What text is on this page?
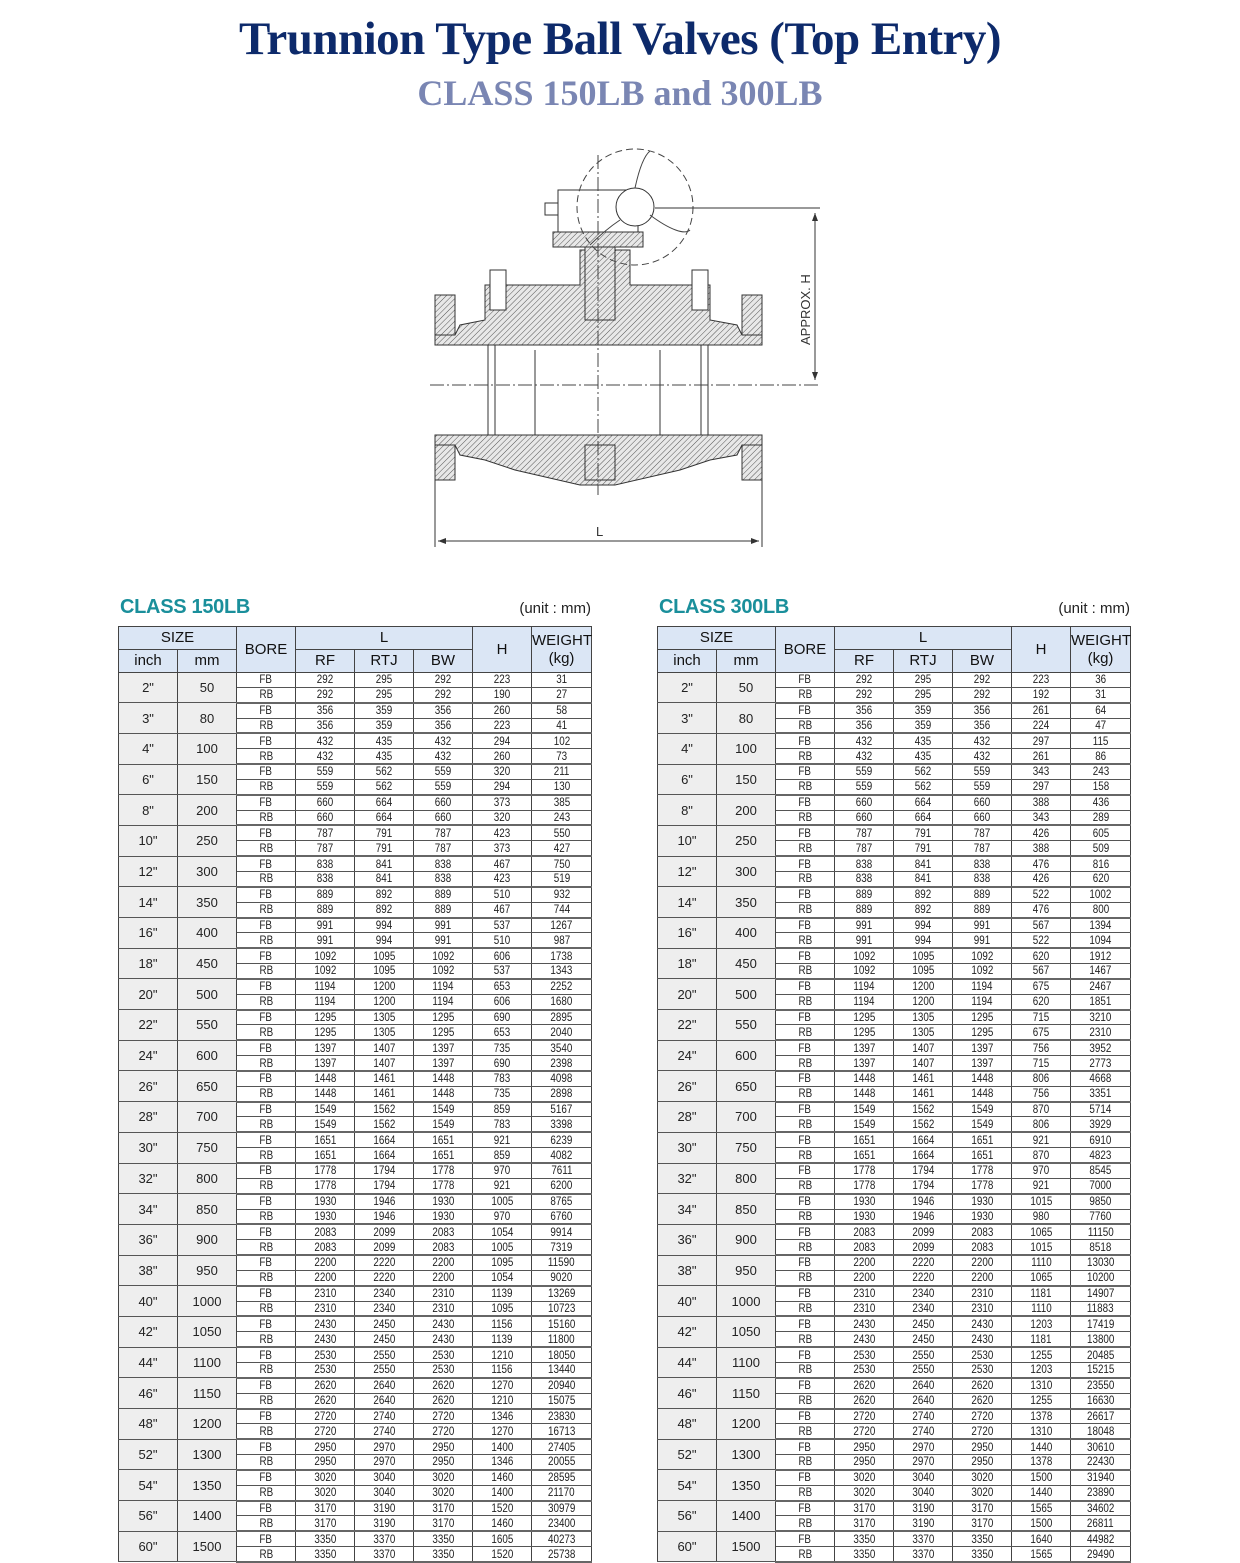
Trunnion Type Ball Valves (Top Entry)
CLASS 150LB and 300LB
APPROX. H
L
CLASS 150LB	(unit : mm)
SIZE		BORE	L			H	WEIGHT
(kg)
inch	mm		RF	RTJ	BW		
2"	50	FB	292	295	292	223	31
		RB	292	295	292	190	27
3"	80	FB	356	359	356	260	58
		RB	356	359	356	223	41
4"	100	FB	432	435	432	294	102
		RB	432	435	432	260	73
6"	150	FB	559	562	559	320	211
		RB	559	562	559	294	130
8"	200	FB	660	664	660	373	385
		RB	660	664	660	320	243
10"	250	FB	787	791	787	423	550
		RB	787	791	787	373	427
12"	300	FB	838	841	838	467	750
		RB	838	841	838	423	519
14"	350	FB	889	892	889	510	932
		RB	889	892	889	467	744
16"	400	FB	991	994	991	537	1267
		RB	991	994	991	510	987
18"	450	FB	1092	1095	1092	606	1738
		RB	1092	1095	1092	537	1343
20"	500	FB	1194	1200	1194	653	2252
		RB	1194	1200	1194	606	1680
22"	550	FB	1295	1305	1295	690	2895
		RB	1295	1305	1295	653	2040
24"	600	FB	1397	1407	1397	735	3540
		RB	1397	1407	1397	690	2398
26"	650	FB	1448	1461	1448	783	4098
		RB	1448	1461	1448	735	2898
28"	700	FB	1549	1562	1549	859	5167
		RB	1549	1562	1549	783	3398
30"	750	FB	1651	1664	1651	921	6239
		RB	1651	1664	1651	859	4082
32"	800	FB	1778	1794	1778	970	7611
		RB	1778	1794	1778	921	6200
34"	850	FB	1930	1946	1930	1005	8765
		RB	1930	1946	1930	970	6760
36"	900	FB	2083	2099	2083	1054	9914
		RB	2083	2099	2083	1005	7319
38"	950	FB	2200	2220	2200	1095	11590
		RB	2200	2220	2200	1054	9020
40"	1000	FB	2310	2340	2310	1139	13269
		RB	2310	2340	2310	1095	10723
42"	1050	FB	2430	2450	2430	1156	15160
		RB	2430	2450	2430	1139	11800
44"	1100	FB	2530	2550	2530	1210	18050
		RB	2530	2550	2530	1156	13440
46"	1150	FB	2620	2640	2620	1270	20940
		RB	2620	2640	2620	1210	15075
48"	1200	FB	2720	2740	2720	1346	23830
		RB	2720	2740	2720	1270	16713
52"	1300	FB	2950	2970	2950	1400	27405
		RB	2950	2970	2950	1346	20055
54"	1350	FB	3020	3040	3020	1460	28595
		RB	3020	3040	3020	1400	21170
56"	1400	FB	3170	3190	3170	1520	30979
		RB	3170	3190	3170	1460	23400
60"	1500	FB	3350	3370	3350	1605	40273
		RB	3350	3370	3350	1520	25738
CLASS 300LB	(unit : mm)
SIZE		BORE	L			H	WEIGHT
(kg)
inch	mm		RF	RTJ	BW		
2"	50	FB	292	295	292	223	36
		RB	292	295	292	192	31
3"	80	FB	356	359	356	261	64
		RB	356	359	356	224	47
4"	100	FB	432	435	432	297	115
		RB	432	435	432	261	86
6"	150	FB	559	562	559	343	243
		RB	559	562	559	297	158
8"	200	FB	660	664	660	388	436
		RB	660	664	660	343	289
10"	250	FB	787	791	787	426	605
		RB	787	791	787	388	509
12"	300	FB	838	841	838	476	816
		RB	838	841	838	426	620
14"	350	FB	889	892	889	522	1002
		RB	889	892	889	476	800
16"	400	FB	991	994	991	567	1394
		RB	991	994	991	522	1094
18"	450	FB	1092	1095	1092	620	1912
		RB	1092	1095	1092	567	1467
20"	500	FB	1194	1200	1194	675	2467
		RB	1194	1200	1194	620	1851
22"	550	FB	1295	1305	1295	715	3210
		RB	1295	1305	1295	675	2310
24"	600	FB	1397	1407	1397	756	3952
		RB	1397	1407	1397	715	2773
26"	650	FB	1448	1461	1448	806	4668
		RB	1448	1461	1448	756	3351
28"	700	FB	1549	1562	1549	870	5714
		RB	1549	1562	1549	806	3929
30"	750	FB	1651	1664	1651	921	6910
		RB	1651	1664	1651	870	4823
32"	800	FB	1778	1794	1778	970	8545
		RB	1778	1794	1778	921	7000
34"	850	FB	1930	1946	1930	1015	9850
		RB	1930	1946	1930	980	7760
36"	900	FB	2083	2099	2083	1065	11150
		RB	2083	2099	2083	1015	8518
38"	950	FB	2200	2220	2200	1110	13030
		RB	2200	2220	2200	1065	10200
40"	1000	FB	2310	2340	2310	1181	14907
		RB	2310	2340	2310	1110	11883
42"	1050	FB	2430	2450	2430	1203	17419
		RB	2430	2450	2430	1181	13800
44"	1100	FB	2530	2550	2530	1255	20485
		RB	2530	2550	2530	1203	15215
46"	1150	FB	2620	2640	2620	1310	23550
		RB	2620	2640	2620	1255	16630
48"	1200	FB	2720	2740	2720	1378	26617
		RB	2720	2740	2720	1310	18048
52"	1300	FB	2950	2970	2950	1440	30610
		RB	2950	2970	2950	1378	22430
54"	1350	FB	3020	3040	3020	1500	31940
		RB	3020	3040	3020	1440	23890
56"	1400	FB	3170	3190	3170	1565	34602
		RB	3170	3190	3170	1500	26811
60"	1500	FB	3350	3370	3350	1640	44982
		RB	3350	3370	3350	1565	29490
